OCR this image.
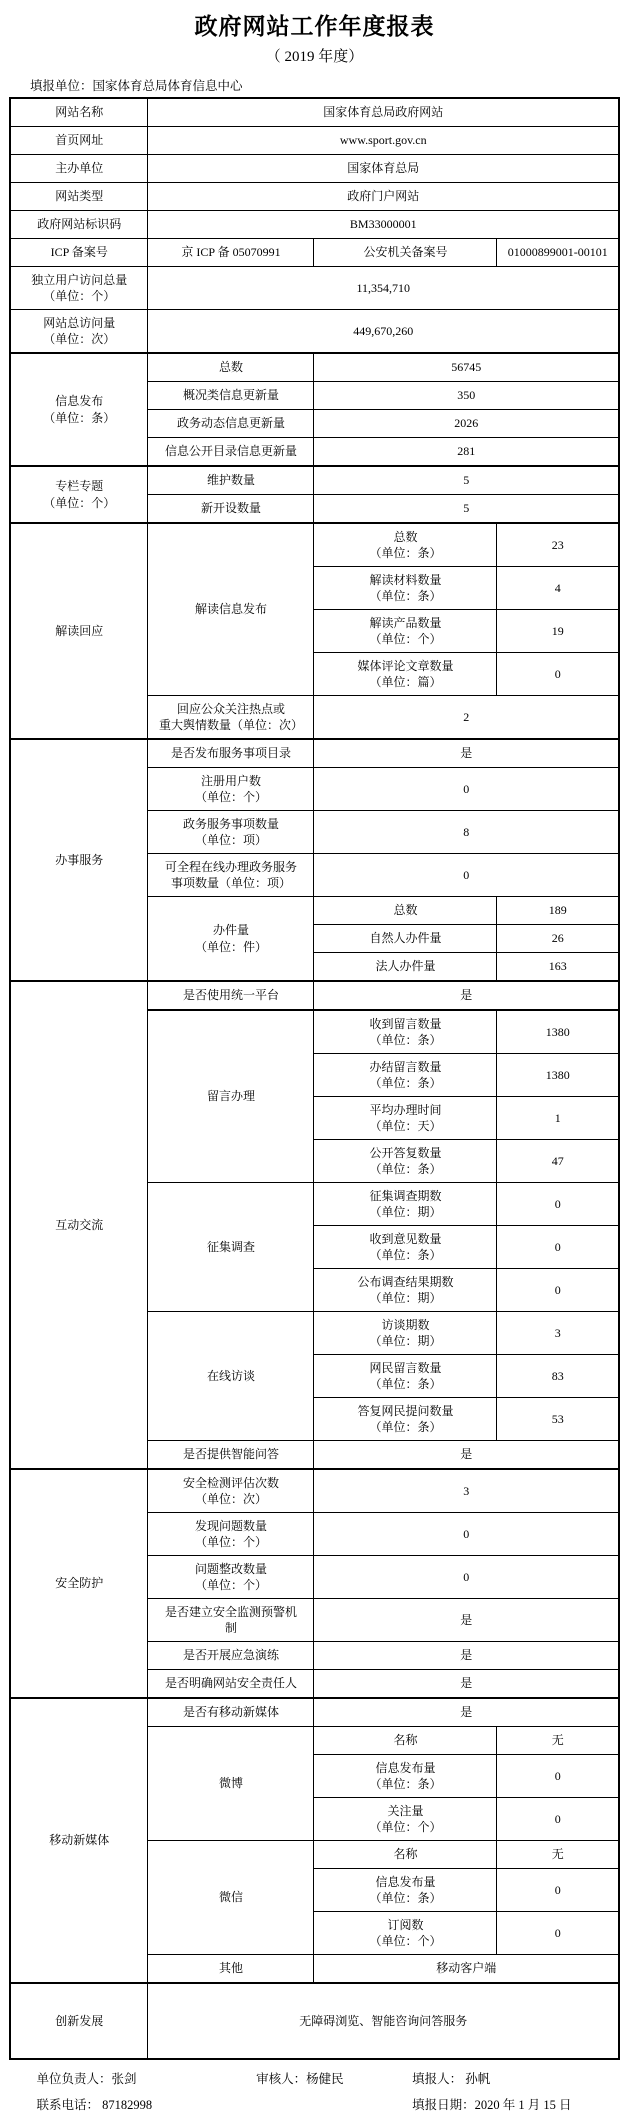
政府网站工作年度报表
（ 2019 年度）
填报单位：国家体育总局体育信息中心
网站名称	国家体育总局政府网站		
首页网址	www.sport.gov.cn		
主办单位	国家体育总局		
网站类型	政府门户网站		
政府网站标识码	BM33000001		
ICP 备案号	京 ICP 备 05070991	公安机关备案号	01000899001-00101

独立用户访问总量
（单位：个）	11,354,710		

网站总访问量
（单位：次）	449,670,260		

信息发布
（单位：条）	总数	56745	
	概况类信息更新量	350	
	政务动态信息更新量	2026	
	信息公开目录信息更新量	281	

专栏专题
（单位：个）	维护数量	5	
	新开设数量	5	
解读回应	解读信息发布	总数
（单位：条）	23

		解读材料数量
（单位：条）	4

		解读产品数量
（单位：个）	19

		媒体评论文章数量
（单位：篇）	0

	回应公众关注热点或
重大舆情数量（单位：次）	2	
办事服务	是否发布服务事项目录	是	

	注册用户数
（单位：个）	0	

	政务服务事项数量
（单位：项）	8	

	可全程在线办理政务服务
事项数量（单位：项）	0	

	办件量
（单位：件）	总数	189
		自然人办件量	26
		法人办件量	163
互动交流	是否使用统一平台	是	
	留言办理	收到留言数量
（单位：条）	1380

		办结留言数量
（单位：条）	1380

		平均办理时间
（单位：天）	1

		公开答复数量
（单位：条）	47
	征集调查	征集调查期数
（单位：期）	0

		收到意见数量
（单位：条）	0

		公布调查结果期数
（单位：期）	0
	在线访谈	访谈期数
（单位：期）	3

		网民留言数量
（单位：条）	83

		答复网民提问数量
（单位：条）	53
	是否提供智能问答	是	
安全防护	安全检测评估次数
（单位：次）	3	

	发现问题数量
（单位：个）	0	

	问题整改数量
（单位：个）	0	

	是否建立安全监测预警机
制	是	
	是否开展应急演练	是	
	是否明确网站安全责任人	是	
移动新媒体	是否有移动新媒体	是	
	微博	名称	无

		信息发布量
（单位：条）	0

		关注量
（单位：个）	0
	微信	名称	无

		信息发布量
（单位：条）	0

		订阅数
（单位：个）	0
	其他	移动客户端	
创新发展	无障碍浏览、智能咨询问答服务		
单位负责人：张剑	审核人：杨健民	填报人： 孙帆
联系电话： 87182998	填报日期：2020 年 1 月 15 日
